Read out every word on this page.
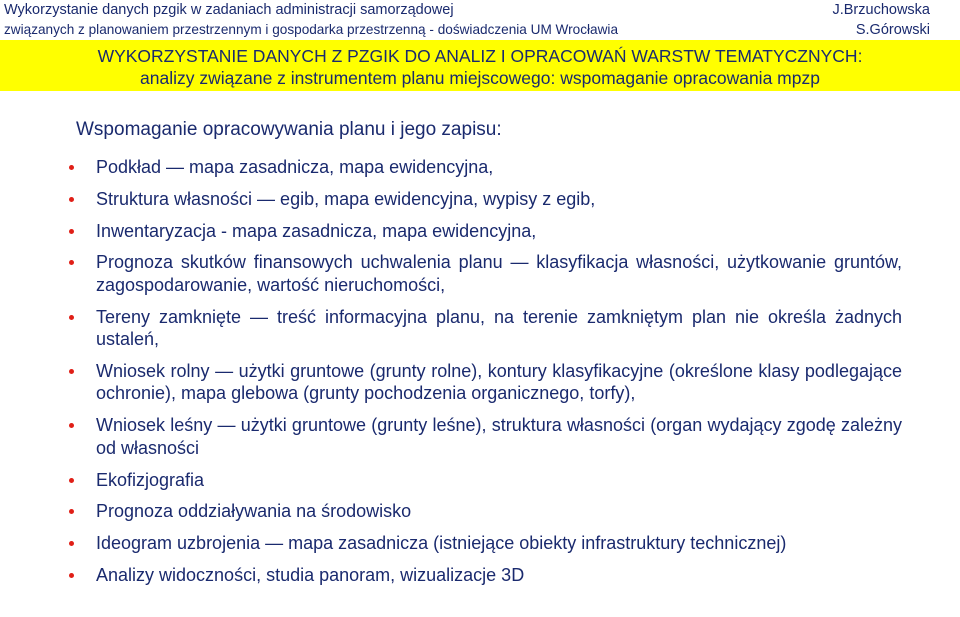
Wykorzystanie danych pzgik w zadaniach administracji samorządowej
związanych z planowaniem przestrzennym i gospodarka przestrzenną - doświadczenia UM Wrocławia
J.Brzuchowska
S.Górowski
WYKORZYSTANIE DANYCH Z PZGIK DO ANALIZ I OPRACOWAŃ WARSTW TEMATYCZNYCH:
analizy związane z instrumentem planu miejscowego: wspomaganie opracowania mpzp
Wspomaganie opracowywania planu i jego zapisu:
Podkład — mapa zasadnicza, mapa ewidencyjna,
Struktura własności — egib, mapa ewidencyjna, wypisy z egib,
Inwentaryzacja - mapa zasadnicza, mapa ewidencyjna,
Prognoza skutków finansowych uchwalenia planu — klasyfikacja własności, użytkowanie gruntów, zagospodarowanie, wartość nieruchomości,
Tereny zamknięte — treść informacyjna planu, na terenie zamkniętym plan nie określa żadnych ustaleń,
Wniosek rolny — użytki gruntowe (grunty rolne), kontury klasyfikacyjne (określone klasy podlegające ochronie), mapa glebowa (grunty pochodzenia organicznego, torfy),
Wniosek leśny — użytki gruntowe (grunty leśne), struktura własności (organ wydający zgodę zależny od własności
Ekofizjografia
Prognoza oddziaływania na środowisko
Ideogram uzbrojenia — mapa zasadnicza (istniejące obiekty infrastruktury technicznej)
Analizy widoczności, studia panoram, wizualizacje 3D
